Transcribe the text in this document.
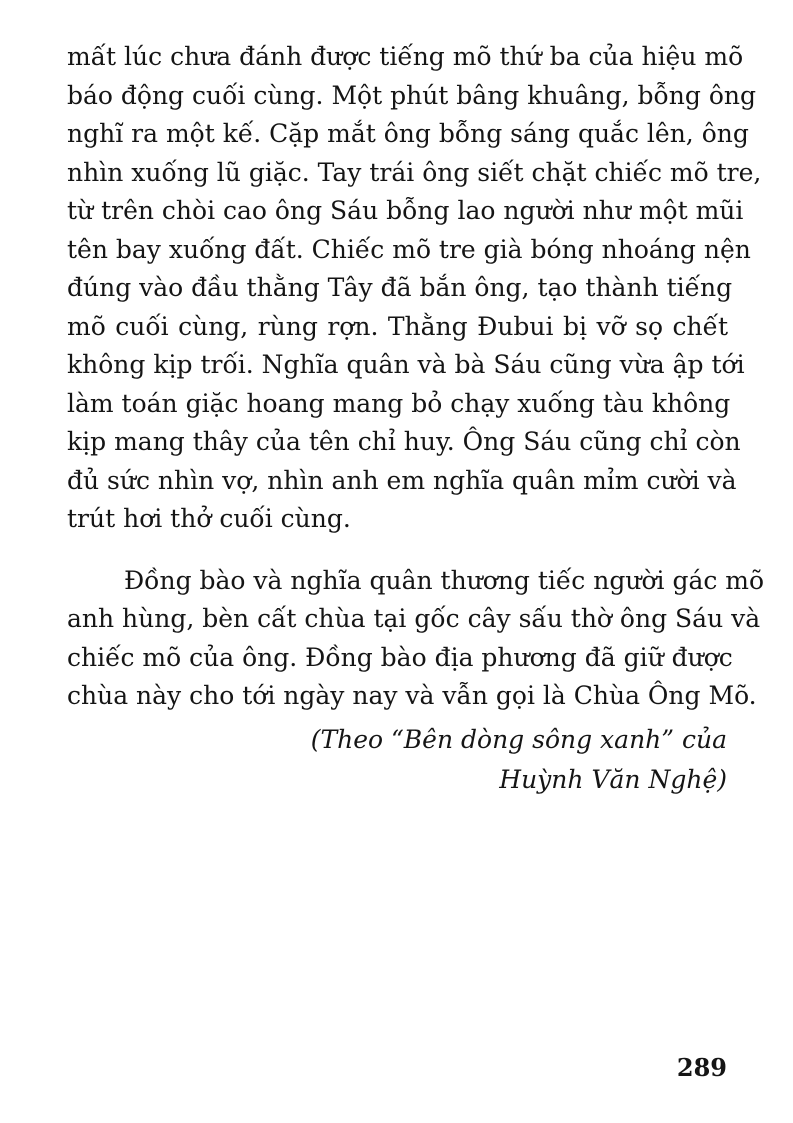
mất lúc chưa đánh được tiếng mõ thứ ba của hiệu mõ
báo động cuối cùng. Một phút bâng khuâng, bỗng ông
nghĩ ra một kế. Cặp mắt ông bỗng sáng quắc lên, ông
nhìn xuống lũ giặc. Tay trái ông siết chặt chiếc mõ tre,
từ trên chòi cao ông Sáu bỗng lao người như một mũi
tên bay xuống đất. Chiếc mõ tre già bóng nhoáng nện
đúng vào đầu thằng Tây đã bắn ông, tạo thành tiếng
mõ cuối cùng, rùng rợn. Thằng Đubui bị vỡ sọ chết
không kịp trối. Nghĩa quân và bà Sáu cũng vừa ập tới
làm toán giặc hoang mang bỏ chạy xuống tàu không
kịp mang thây của tên chỉ huy. Ông Sáu cũng chỉ còn
đủ sức nhìn vợ, nhìn anh em nghĩa quân mỉm cười và
trút hơi thở cuối cùng.
Đồng bào và nghĩa quân thương tiếc người gác mõ
anh hùng, bèn cất chùa tại gốc cây sấu thờ ông Sáu và
chiếc mõ của ông. Đồng bào địa phương đã giữ được
chùa này cho tới ngày nay và vẫn gọi là Chùa Ông Mõ.
(Theo “Bên dòng sông xanh” của
Huỳnh Văn Nghệ)
289
